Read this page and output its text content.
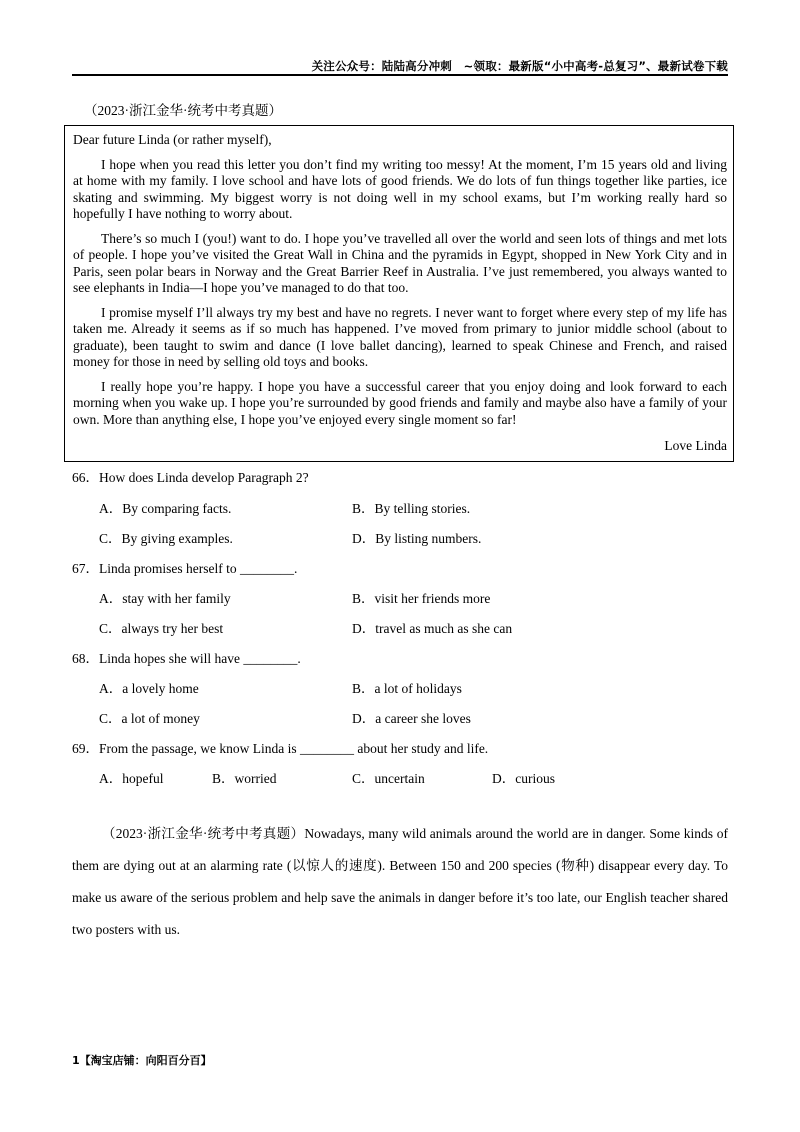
关注公众号：陆陆高分冲刺　~领取：最新版“小中高考-总复习”、最新试卷下载
（2023·浙江金华·统考中考真题）

Dear future Linda (or rather myself),

I hope when you read this letter you don’t find my writing too messy! At the moment, I’m 15 years old and living at home with my family. I love school and have lots of good friends. We do lots of fun things together like parties, ice skating and swimming. My biggest worry is not doing well in my school exams, but I’m working really hard so hopefully I have nothing to worry about.

There’s so much I (you!) want to do. I hope you’ve travelled all over the world and seen lots of things and met lots of people. I hope you’ve visited the Great Wall in China and the pyramids in Egypt, shopped in New York City and in Paris, seen polar bears in Norway and the Great Barrier Reef in Australia. I’ve just remembered, you always wanted to see elephants in India—I hope you’ve managed to do that too.

I promise myself I’ll always try my best and have no regrets. I never want to forget where every step of my life has taken me. Already it seems as if so much has happened. I’ve moved from primary to junior middle school (about to graduate), been taught to swim and dance (I love ballet dancing), learned to speak Chinese and French, and raised money for those in need by selling old toys and books.

I really hope you’re happy. I hope you have a successful career that you enjoy doing and look forward to each morning when you wake up. I hope you’re surrounded by good friends and family and maybe also have a family of your own. More than anything else, I hope you’ve enjoyed every single moment so far!

Love Linda

66．How does Linda develop Paragraph 2?
A．By comparing facts.	B．By telling stories.
C．By giving examples.	D．By listing numbers.
67．Linda promises herself to ________.
A．stay with her family	B．visit her friends more
C．always try her best	D．travel as much as she can
68．Linda hopes she will have ________.
A．a lovely home	B．a lot of holidays
C．a lot of money	D．a career she loves
69．From the passage, we know Linda is ________ about her study and life.
A．hopeful	B．worried	C．uncertain	D．curious
（2023·浙江金华·统考中考真题）Nowadays, many wild animals around the world are in danger. Some kinds of them are dying out at an alarming rate (以惊人的速度). Between 150 and 200 species (物种) disappear every day. To make us aware of the serious problem and help save the animals in danger before it’s too late, our English teacher shared two posters with us.
1【淘宝店铺：向阳百分百】
